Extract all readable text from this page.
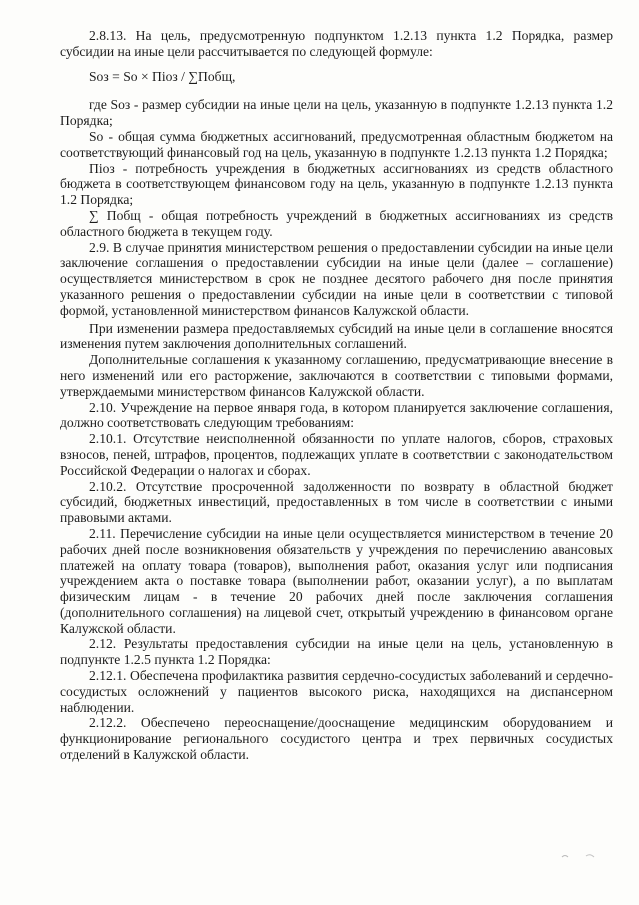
2.8.13. На цель, предусмотренную подпунктом 1.2.13 пункта 1.2 Порядка, размер субсидии на иные цели рассчитывается по следующей формуле:

Sоз = Sо × Піоз / ∑Побщ,

где Sоз - размер субсидии на иные цели на цель, указанную в подпункте 1.2.13 пункта 1.2 Порядка;

Sо - общая сумма бюджетных ассигнований, предусмотренная областным бюджетом на соответствующий финансовый год на цель, указанную в подпункте 1.2.13 пункта 1.2 Порядка;

Піоз - потребность учреждения в бюджетных ассигнованиях из средств областного бюджета в соответствующем финансовом году на цель, указанную в подпункте 1.2.13 пункта 1.2 Порядка;

∑ Побщ - общая потребность учреждений в бюджетных ассигнованиях из средств областного бюджета в текущем году.

2.9. В случае принятия министерством решения о предоставлении субсидии на иные цели заключение соглашения о предоставлении субсидии на иные цели (далее – соглашение) осуществляется министерством в срок не позднее десятого рабочего дня после принятия указанного решения о предоставлении субсидии на иные цели в соответствии с типовой формой, установленной министерством финансов Калужской области.

При изменении размера предоставляемых субсидий на иные цели в соглашение вносятся изменения путем заключения дополнительных соглашений.

Дополнительные соглашения к указанному соглашению, предусматривающие внесение в него изменений или его расторжение, заключаются в соответствии с типовыми формами, утверждаемыми министерством финансов Калужской области.

2.10. Учреждение на первое января года, в котором планируется заключение соглашения, должно соответствовать следующим требованиям:

2.10.1. Отсутствие неисполненной обязанности по уплате налогов, сборов, страховых взносов, пеней, штрафов, процентов, подлежащих уплате в соответствии с законодательством Российской Федерации о налогах и сборах.

2.10.2. Отсутствие просроченной задолженности по возврату в областной бюджет субсидий, бюджетных инвестиций, предоставленных в том числе в соответствии с иными правовыми актами.

2.11. Перечисление субсидии на иные цели осуществляется министерством в течение 20 рабочих дней после возникновения обязательств у учреждения по перечислению авансовых платежей на оплату товара (товаров), выполнения работ, оказания услуг или подписания учреждением акта о поставке товара (выполнении работ, оказании услуг), а по выплатам физическим лицам - в течение 20 рабочих дней после заключения соглашения (дополнительного соглашения) на лицевой счет, открытый учреждению в финансовом органе Калужской области.

2.12. Результаты предоставления субсидии на иные цели на цель, установленную в подпункте 1.2.5 пункта 1.2 Порядка:

2.12.1. Обеспечена профилактика развития сердечно-сосудистых заболеваний и сердечно-сосудистых осложнений у пациентов высокого риска, находящихся на диспансерном наблюдении.

2.12.2. Обеспечено переоснащение/дооснащение медицинским оборудованием и функционирование регионального сосудистого центра и трех первичных сосудистых отделений в Калужской области.
